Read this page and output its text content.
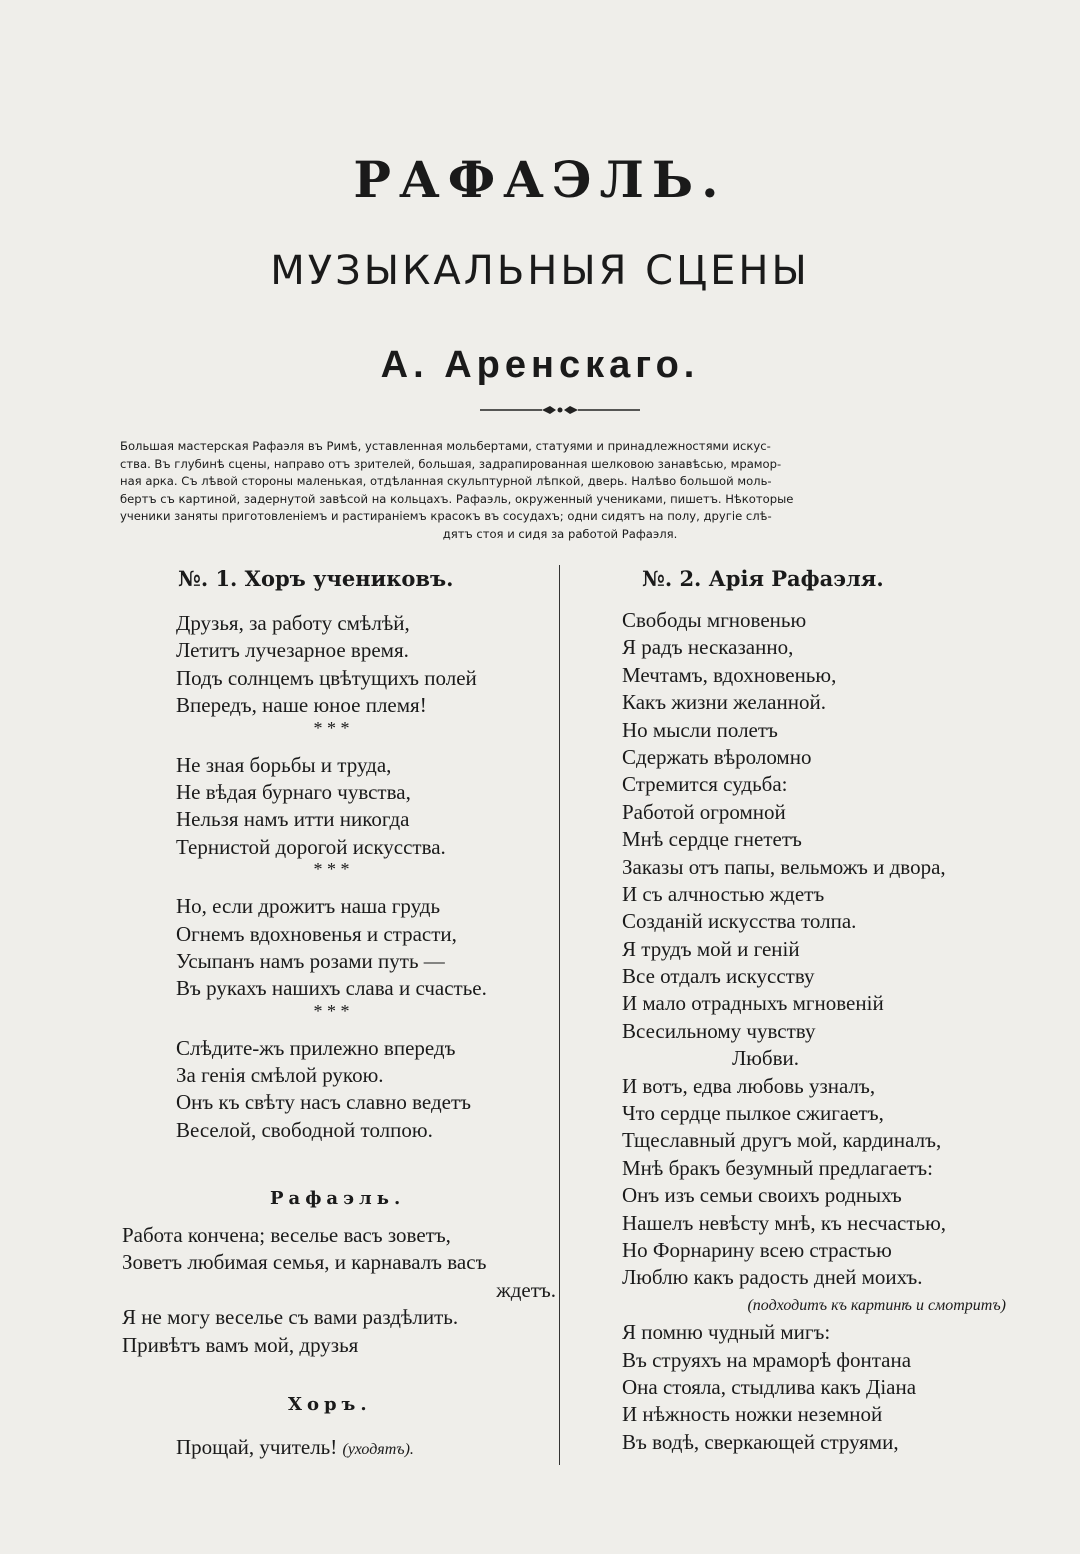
РАФАЭЛЬ.
МУЗЫКАЛЬНЫЯ СЦЕНЫ
А. Аренскаго.
Большая мастерская Рафаэля въ Римѣ, уставленная мольбертами, статуями и принадлежностями искус-
ства. Въ глубинѣ сцены, направо отъ зрителей, большая, задрапированная шелковою занавѣсью, мрамор-
ная арка. Съ лѣвой стороны маленькая, отдѣланная скульптурной лѣпкой, дверь. Налѣво большой моль-
бертъ съ картиной, задернутой завѣсой на кольцахъ. Рафаэль, окруженный учениками, пишетъ. Нѣкоторые
ученики заняты приготовленіемъ и растираніемъ красокъ въ сосудахъ; одни сидятъ на полу, другіе слѣ-
дятъ стоя и сидя за работой Рафаэля.
№. 1. Хоръ учениковъ.
Друзья, за работу смѣлѣй,
Летитъ лучезарное время.
Подъ солнцемъ цвѣтущихъ полей
Впередъ, наше юное племя!
* * *
Не зная борьбы и труда,
Не вѣдая бурнаго чувства,
Нельзя намъ итти никогда
Тернистой дорогой искусства.
* * *
Но, если дрожитъ наша грудь
Огнемъ вдохновенья и страсти,
Усыпанъ намъ розами путь —
Въ рукахъ нашихъ слава и счастье.
* * *
Слѣдите-жъ прилежно впередъ
За генія смѣлой рукою.
Онъ къ свѣту насъ славно ведетъ
Веселой, свободной толпою.
Рафаэль.
Работа кончена; веселье васъ зоветъ,
Зоветъ любимая семья, и карнавалъ васъ
ждетъ.
Я не могу веселье съ вами раздѣлить.
Привѣтъ вамъ мой, друзья
Хоръ.
Прощай, учитель! (уходятъ).
№. 2. Арія Рафаэля.
Свободы мгновенью
Я радъ несказанно,
Мечтамъ, вдохновенью,
Какъ жизни желанной.
Но мысли полетъ
Сдержать вѣроломно
Стремится судьба:
Работой огромной
Мнѣ сердце гнететъ
Заказы отъ папы, вельможъ и двора,
И съ алчностью ждетъ
Созданій искусства толпа.
Я трудъ мой и геній
Все отдалъ искусству
И мало отрадныхъ мгновеній
Всесильному чувству
Любви.
И вотъ, едва любовь узналъ,
Что сердце пылкое сжигаетъ,
Тщеславный другъ мой, кардиналъ,
Мнѣ бракъ безумный предлагаетъ:
Онъ изъ семьи своихъ родныхъ
Нашелъ невѣсту мнѣ, къ несчастью,
Но Форнарину всею страстью
Люблю какъ радость дней моихъ.
(подходитъ къ картинѣ и смотритъ)
Я помню чудный мигъ:
Въ струяхъ на мраморѣ фонтана
Она стояла, стыдлива какъ Діана
И нѣжность ножки неземной
Въ водѣ, сверкающей струями,
